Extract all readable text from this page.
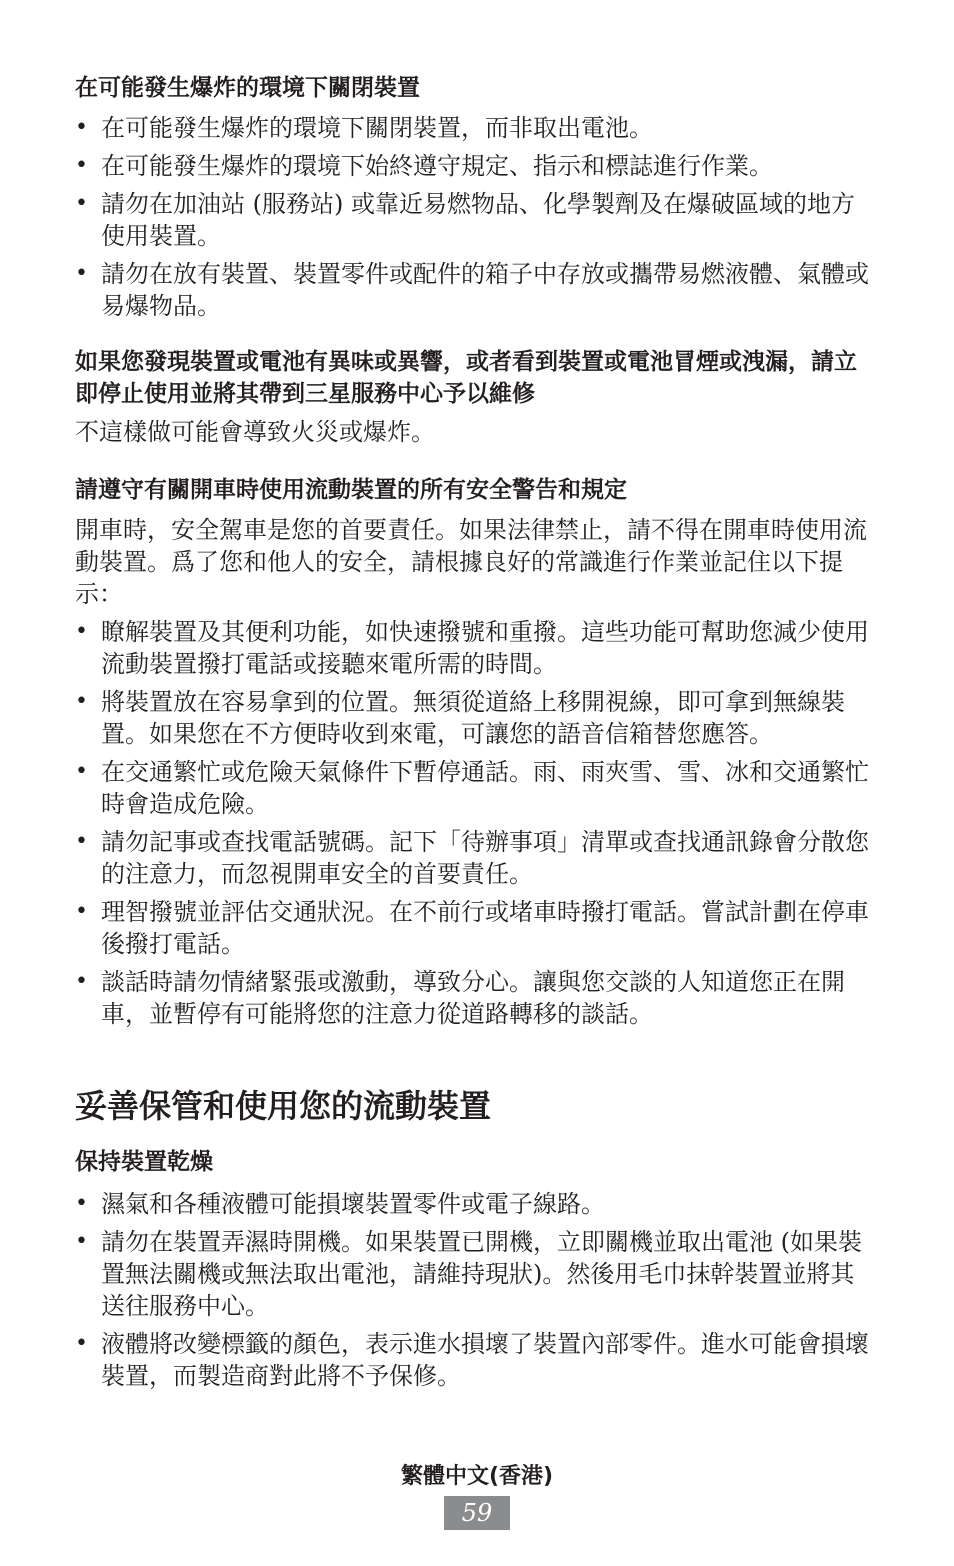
在可能發生爆炸的環境下關閉裝置
• 在可能發生爆炸的環境下關閉裝置，而非取出電池。
• 在可能發生爆炸的環境下始終遵守規定、指示和標誌進行作業。
• 請勿在加油站 (服務站) 或靠近易燃物品、化學製劑及在爆破區域的地方使用裝置。
• 請勿在放有裝置、裝置零件或配件的箱子中存放或攜帶易燃液體、氣體或易爆物品。
如果您發現裝置或電池有異味或異響，或者看到裝置或電池冒煙或洩漏，請立即停止使用並將其帶到三星服務中心予以維修

不這樣做可能會導致火災或爆炸。

請遵守有關開車時使用流動裝置的所有安全警告和規定

開車時，安全駕車是您的首要責任。如果法律禁止，請不得在開車時使用流動裝置。爲了您和他人的安全，請根據良好的常識進行作業並記住以下提示：

• 瞭解裝置及其便利功能，如快速撥號和重撥。這些功能可幫助您減少使用流動裝置撥打電話或接聽來電所需的時間。
• 將裝置放在容易拿到的位置。無須從道絡上移開視線，即可拿到無線裝置。如果您在不方便時收到來電，可讓您的語音信箱替您應答。
• 在交通繁忙或危險天氣條件下暫停通話。雨、雨夾雪、雪、冰和交通繁忙時會造成危險。
• 請勿記事或查找電話號碼。記下「待辦事項」清單或查找通訊錄會分散您的注意力，而忽視開車安全的首要責任。
• 理智撥號並評估交通狀況。在不前行或堵車時撥打電話。嘗試計劃在停車後撥打電話。
• 談話時請勿情緒緊張或激動，導致分心。讓與您交談的人知道您正在開車，並暫停有可能將您的注意力從道路轉移的談話。
妥善保管和使用您的流動裝置
保持裝置乾燥
• 濕氣和各種液體可能損壞裝置零件或電子線路。
• 請勿在裝置弄濕時開機。如果裝置已開機，立即關機並取出電池 (如果裝置無法關機或無法取出電池，請維持現狀)。然後用毛巾抹幹裝置並將其送往服務中心。
• 液體將改變標籤的顏色，表示進水損壞了裝置內部零件。進水可能會損壞裝置，而製造商對此將不予保修。
繁體中文(香港)
59
